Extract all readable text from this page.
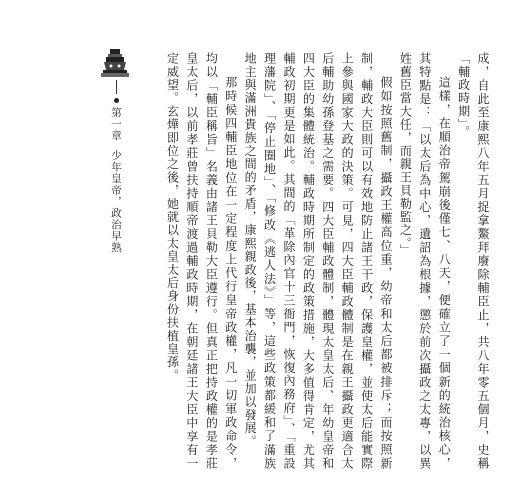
第一章
少年皇帝，政治早熟	成，自此至康熙八年五月捉拿鰲拜廢除輔臣止，共八年零五個月，史稱「輔政時期」。

這樣，在順治帝駕崩後僅七、八天，便確立了一個新的統治核心，其特點是：「以太后為中心，遺詔為根據，懲於前次攝政之太專，以異姓舊臣當大任，而親王貝勒監之。」

假如按照舊制，攝政王權高位重，幼帝和太后都被排斥；而按照新制，輔政大臣則可以有效地防止諸王干政，保護皇權，並使太后能實際上參與國家大政的決策。可見，四大臣輔政體制是在親王攝政更適合太后輔助幼孫登基之需要。四大臣輔政體制，體現太皇太后、年幼皇帝和四大臣的集體統治。輔政時期所制定的政策措施，大多值得肯定，尤其輔政初期更是如此。其間的「革除內官十三衙門，恢復內務府」、「重設理藩院」、「停止圈地」、「修改《逃人法》」等，這些政策都緩和了滿族地主與滿洲貴族之間的矛盾，康熙親政後，基本治襲，並加以發展。

那時候四輔臣地位在一定程度上代行皇帝政權，凡一切軍政命令，均以「輔臣稱旨」名義由諸王貝勒大臣遵行。但真正把持政權的是孝莊皇太后，以前孝莊曾扶持順帝渡過輔政時期，在朝廷諸王大臣中享有一定威望。玄燁即位之後，她就以太皇太后身份扶植皇孫。
